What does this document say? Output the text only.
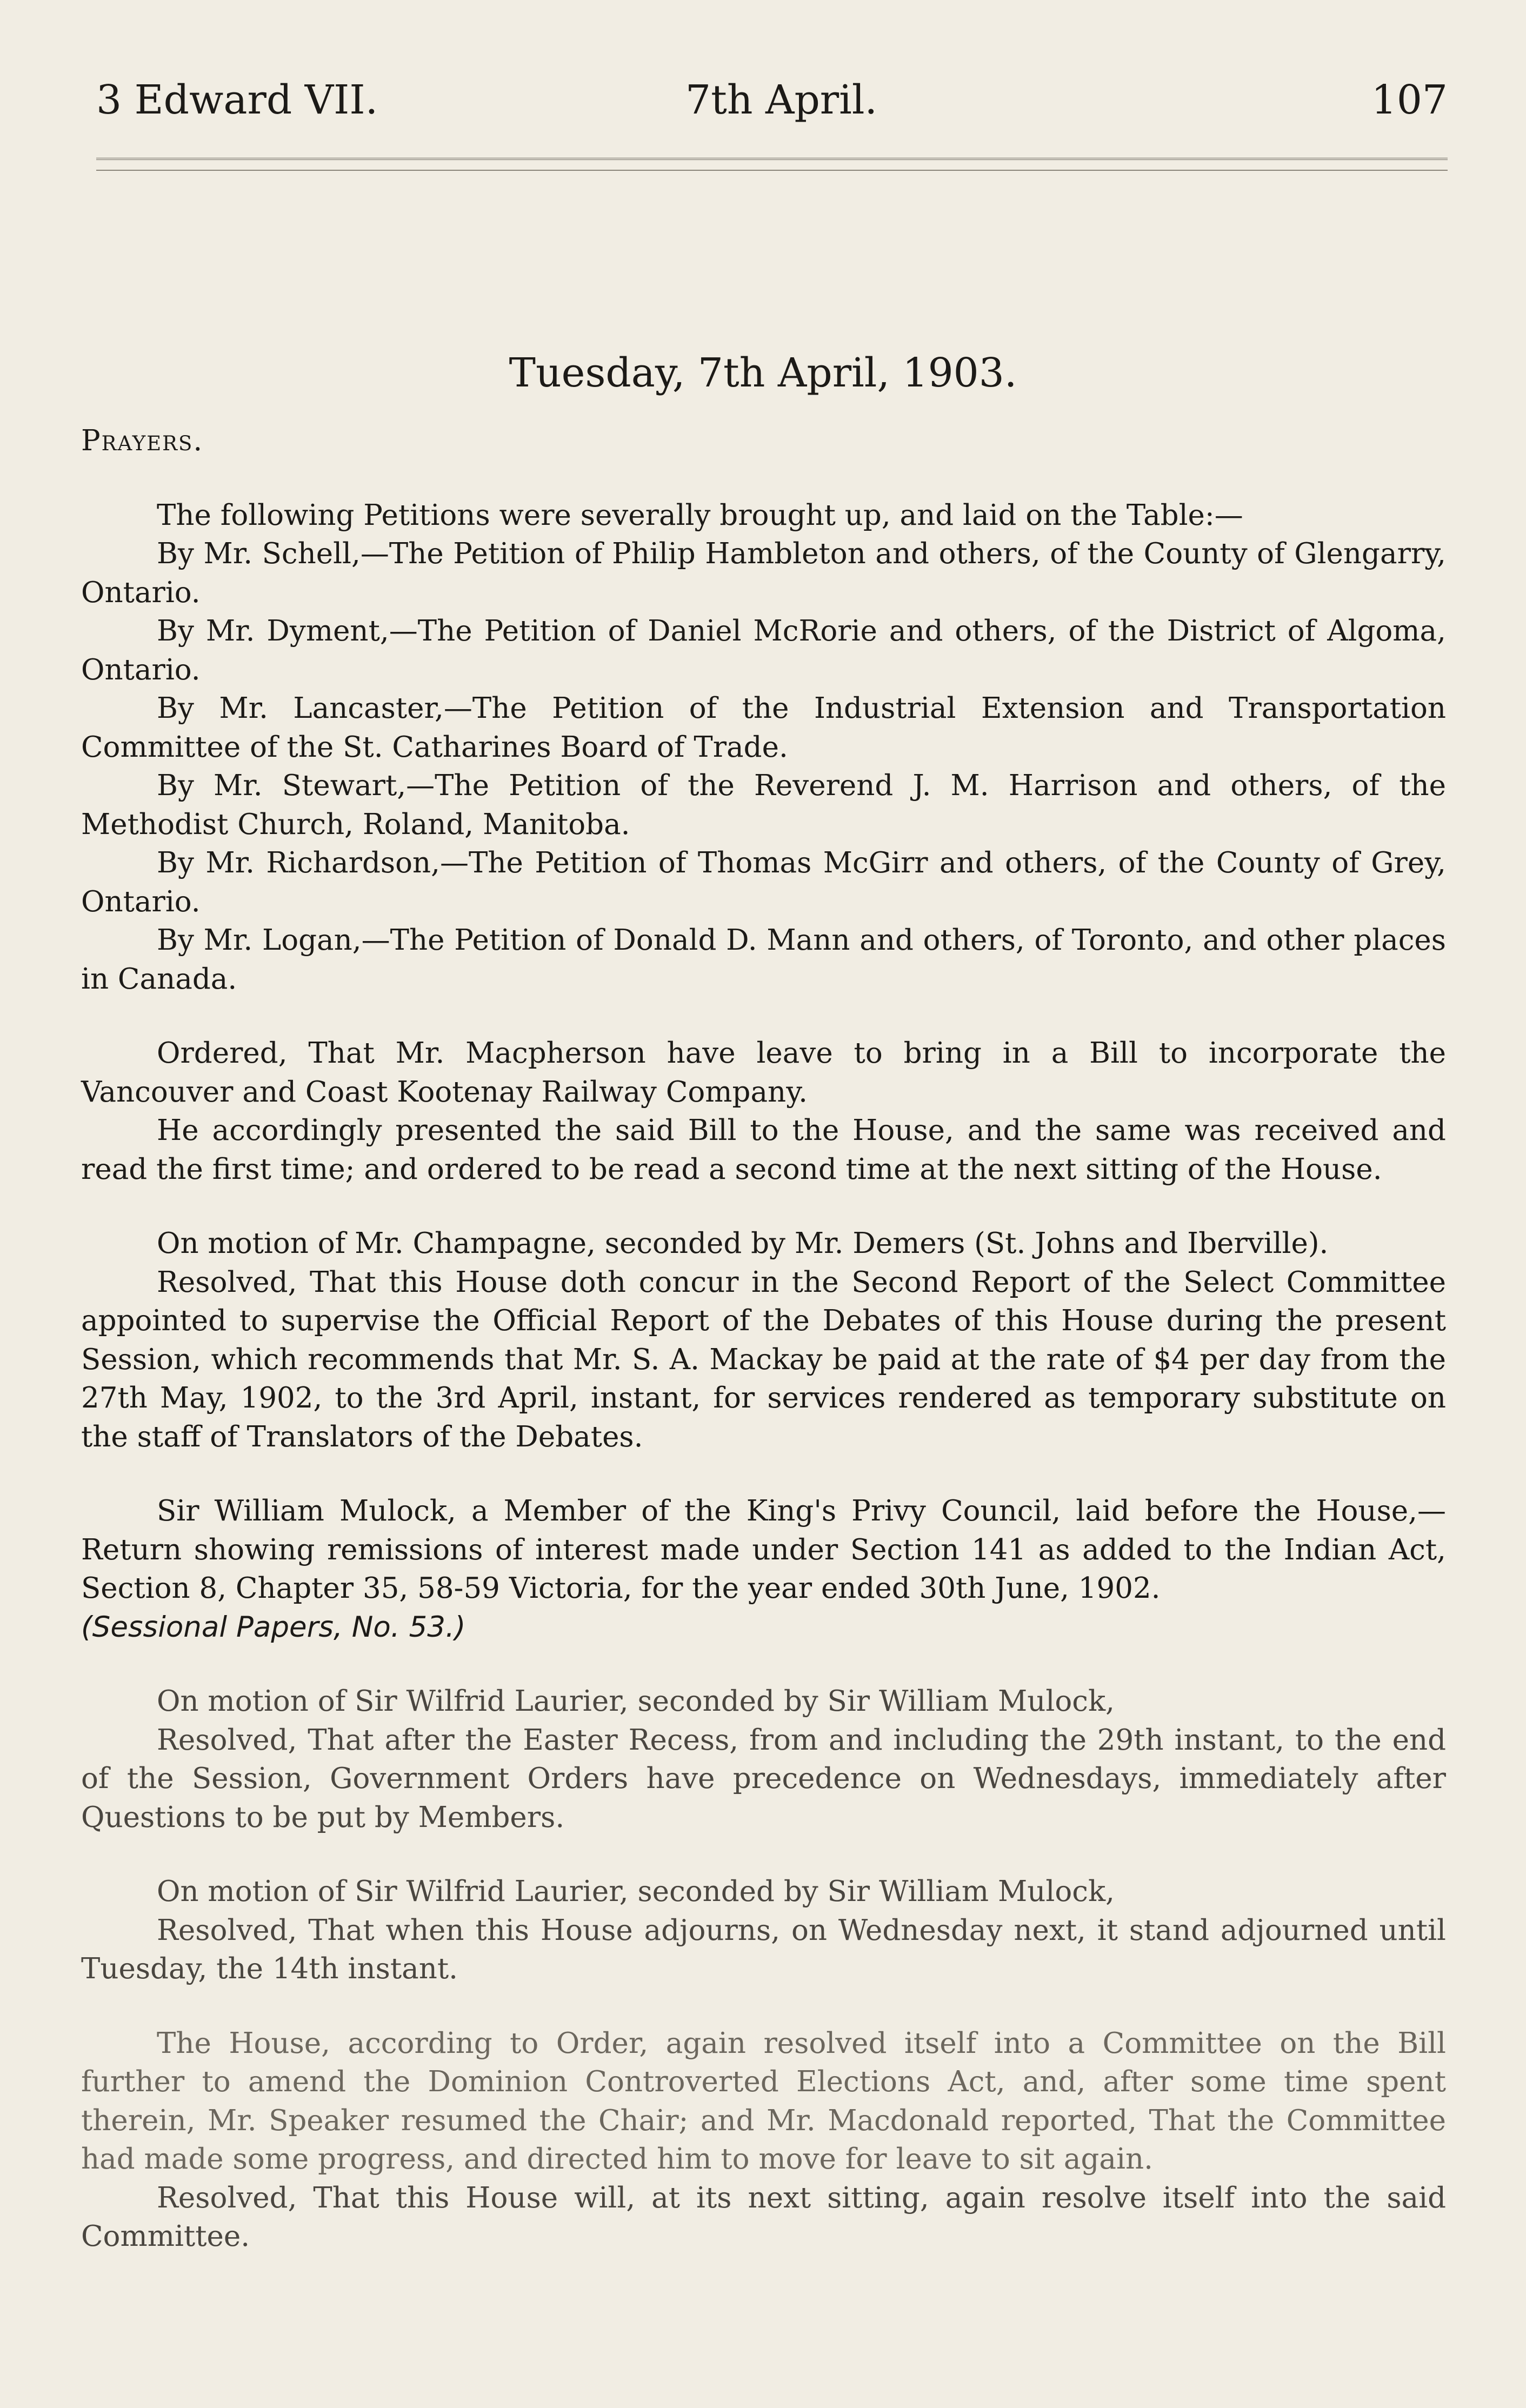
3 Edward VII.	7th April.	107
Tuesday, 7th April, 1903.

Prayers.

The following Petitions were severally brought up, and laid on the Table:—

By Mr. Schell,—The Petition of Philip Hambleton and others, of the County of Glengarry, Ontario.

By Mr. Dyment,—The Petition of Daniel McRorie and others, of the District of Algoma, Ontario.

By Mr. Lancaster,—The Petition of the Industrial Extension and Transportation Committee of the St. Catharines Board of Trade.

By Mr. Stewart,—The Petition of the Reverend J. M. Harrison and others, of the Methodist Church, Roland, Manitoba.

By Mr. Richardson,—The Petition of Thomas McGirr and others, of the County of Grey, Ontario.

By Mr. Logan,—The Petition of Donald D. Mann and others, of Toronto, and other places in Canada.

Ordered, That Mr. Macpherson have leave to bring in a Bill to incorporate the Vancouver and Coast Kootenay Railway Company.

He accordingly presented the said Bill to the House, and the same was received and read the first time; and ordered to be read a second time at the next sitting of the House.

On motion of Mr. Champagne, seconded by Mr. Demers (St. Johns and Iberville).

Resolved, That this House doth concur in the Second Report of the Select Committee appointed to supervise the Official Report of the Debates of this House during the present Session, which recommends that Mr. S. A. Mackay be paid at the rate of $4 per day from the 27th May, 1902, to the 3rd April, instant, for services rendered as temporary substitute on the staff of Translators of the Debates.

Sir William Mulock, a Member of the King's Privy Council, laid before the House,—Return showing remissions of interest made under Section 141 as added to the Indian Act, Section 8, Chapter 35, 58-59 Victoria, for the year ended 30th June, 1902.

(Sessional Papers, No. 53.)

On motion of Sir Wilfrid Laurier, seconded by Sir William Mulock,

Resolved, That after the Easter Recess, from and including the 29th instant, to the end of the Session, Government Orders have precedence on Wednesdays, immediately after Questions to be put by Members.

On motion of Sir Wilfrid Laurier, seconded by Sir William Mulock,

Resolved, That when this House adjourns, on Wednesday next, it stand adjourned until Tuesday, the 14th instant.

The House, according to Order, again resolved itself into a Committee on the Bill further to amend the Dominion Controverted Elections Act, and, after some time spent therein, Mr. Speaker resumed the Chair; and Mr. Macdonald reported, That the Committee had made some progress, and directed him to move for leave to sit again.

Resolved, That this House will, at its next sitting, again resolve itself into the said Committee.
